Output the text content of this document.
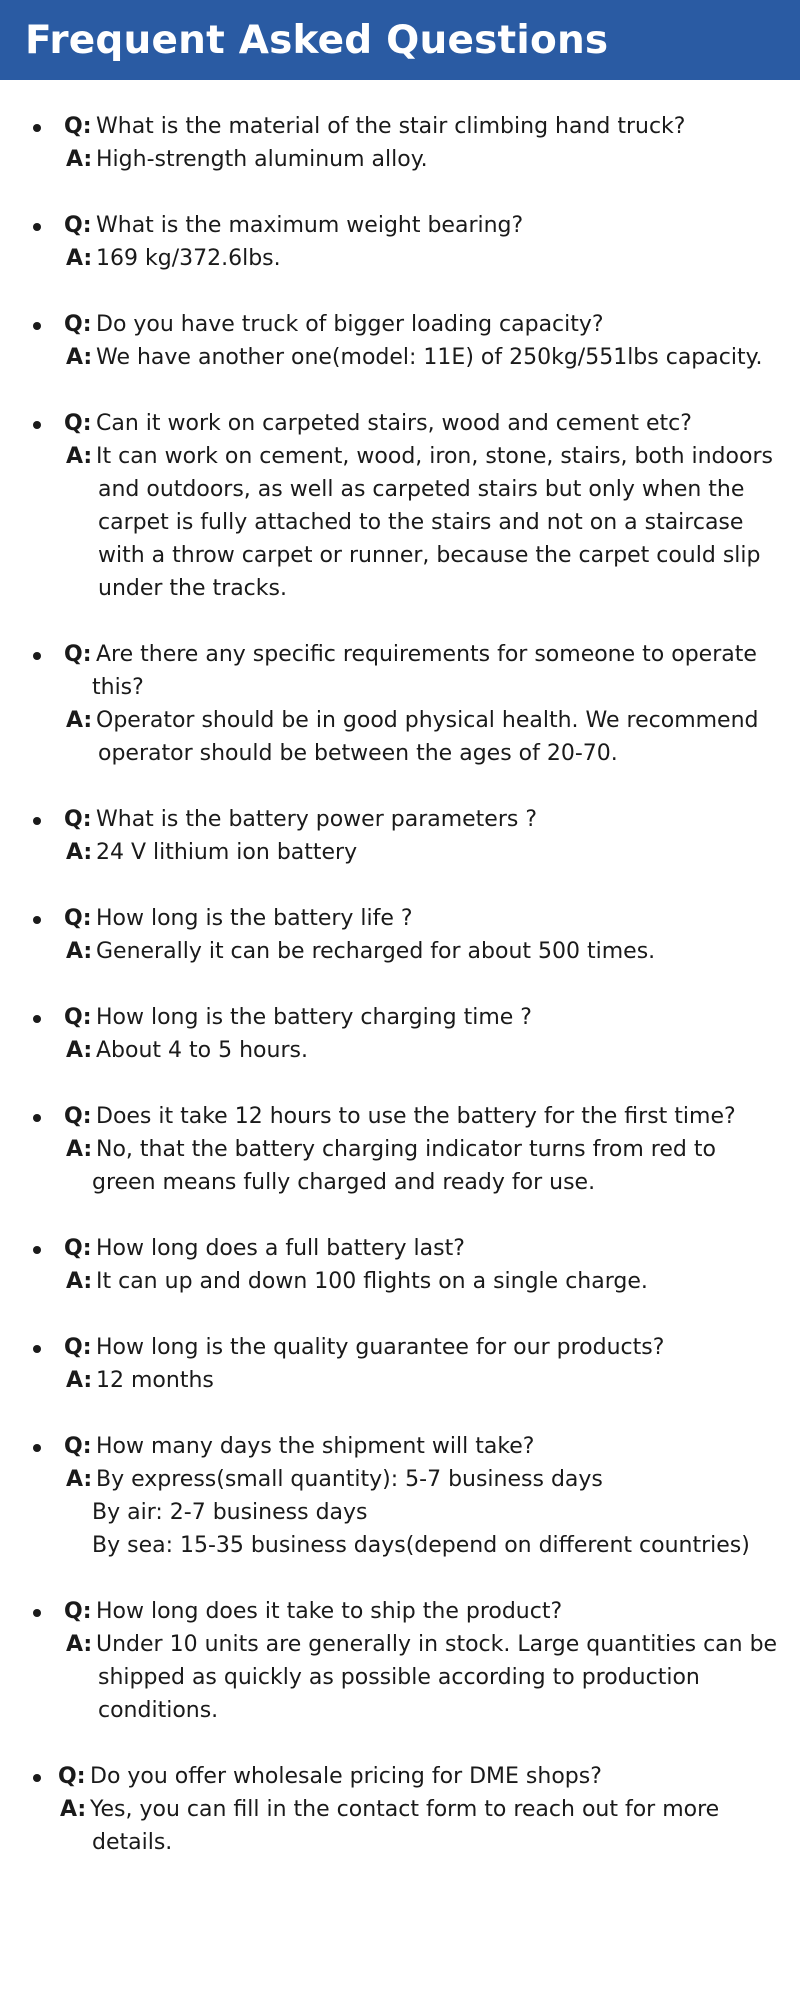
Frequent Asked Questions
Q: What is the material of the stair climbing hand truck?
A: High-strength aluminum alloy.
Q: What is the maximum weight bearing?
A: 169 kg/372.6lbs.
Q: Do you have truck of bigger loading capacity?
A: We have another one(model: 11E) of 250kg/551lbs capacity.
Q: Can it work on carpeted stairs, wood and cement etc?
A: It can work on cement, wood, iron, stone, stairs, both indoors
and outdoors, as well as carpeted stairs but only when the
carpet is fully attached to the stairs and not on a staircase
with a throw carpet or runner, because the carpet could slip
under the tracks.
Q: Are there any specific requirements for someone to operate
this?
A: Operator should be in good physical health. We recommend
operator should be between the ages of 20-70.
Q: What is the battery power parameters ?
A: 24 V lithium ion battery
Q: How long is the battery life ?
A: Generally it can be recharged for about 500 times.
Q: How long is the battery charging time ?
A: About 4 to 5 hours.
Q: Does it take 12 hours to use the battery for the first time?
A: No, that the battery charging indicator turns from red to
green means fully charged and ready for use.
Q: How long does a full battery last?
A: It can up and down 100 flights on a single charge.
Q: How long is the quality guarantee for our products?
A: 12 months
Q: How many days the shipment will take?
A: By express(small quantity): 5-7 business days
By air: 2-7 business days
By sea: 15-35 business days(depend on different countries)
Q: How long does it take to ship the product?
A: Under 10 units are generally in stock. Large quantities can be
shipped as quickly as possible according to production
conditions.
Q: Do you offer wholesale pricing for DME shops?
A: Yes, you can fill in the contact form to reach out for more
details.
